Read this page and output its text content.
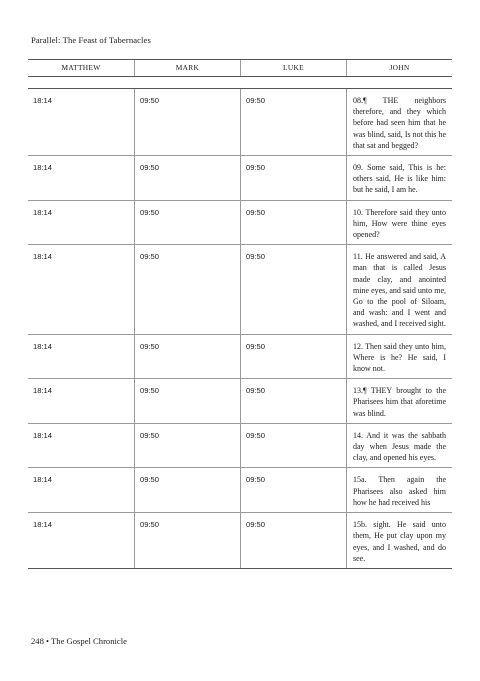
Parallel: The Feast of Tabernacles
MATTHEW	MARK	LUKE	JOHN
18:14	09:50	09:50	08.¶ THE neighbors therefore, and they which before had seen him that he was blind, said, Is not this he that sat and begged?
18:14	09:50	09:50	09. Some said, This is he: others said, He is like him: but he said, I am he.
18:14	09:50	09:50	10. Therefore said they unto him, How were thine eyes opened?
18:14	09:50	09:50	11. He answered and said, A man that is called Jesus made clay, and anointed mine eyes, and said unto me, Go to the pool of Siloam, and wash: and I went and washed, and I received sight.
18:14	09:50	09:50	12. Then said they unto him, Where is he? He said, I know not.
18:14	09:50	09:50	13.¶ THEY brought to the Pharisees him that aforetime was blind.
18:14	09:50	09:50	14. And it was the sabbath day when Jesus made the clay, and opened his eyes.
18:14	09:50	09:50	15a. Then again the Pharisees also asked him how he had received his
18:14	09:50	09:50	15b. sight. He said unto them, He put clay upon my eyes, and I washed, and do see.
248 • The Gospel Chronicle
